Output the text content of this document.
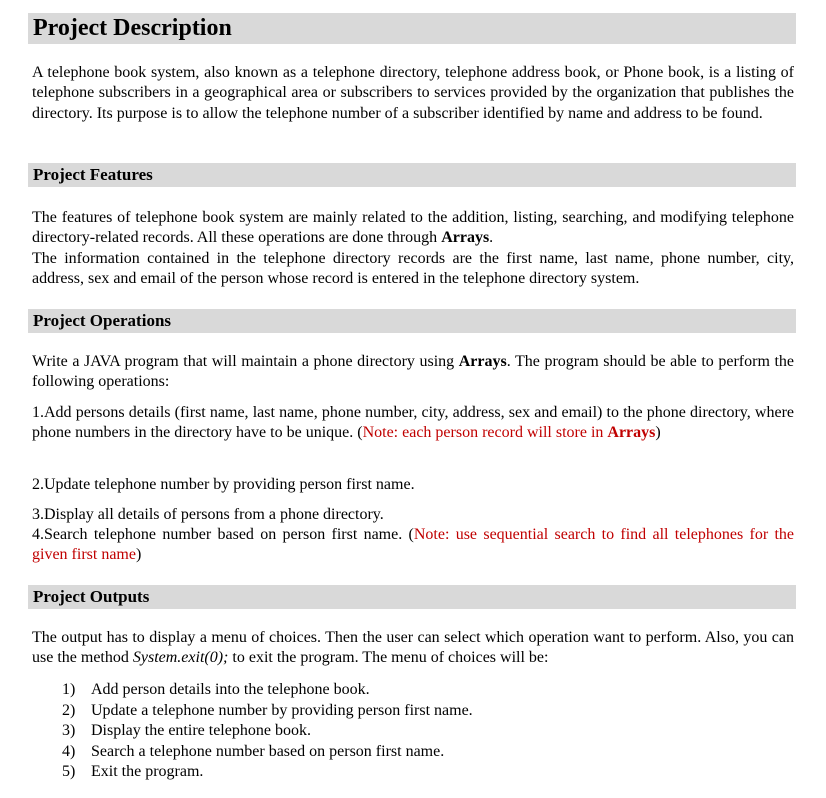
Project Description

A telephone book system, also known as a telephone directory, telephone address book, or Phone book, is a listing of telephone subscribers in a geographical area or subscribers to services provided by the organization that publishes the directory. Its purpose is to allow the telephone number of a subscriber identified by name and address to be found.

Project Features

The features of telephone book system are mainly related to the addition, listing, searching, and modifying telephone directory-related records. All these operations are done through Arrays.

The information contained in the telephone directory records are the first name, last name, phone number, city, address, sex and email of the person whose record is entered in the telephone directory system.

Project Operations

Write a JAVA program that will maintain a phone directory using Arrays. The program should be able to perform the following operations:

1.Add persons details (first name, last name, phone number, city, address, sex and email) to the phone directory, where phone numbers in the directory have to be unique. (Note: each person record will store in Arrays)

2.Update telephone number by providing person first name.

3.Display all details of persons from a phone directory.

4.Search telephone number based on person first name. (Note: use sequential search to find all telephones for the given first name)

Project Outputs

The output has to display a menu of choices. Then the user can select which operation want to perform. Also, you can use the method System.exit(0); to exit the program. The menu of choices will be:

1) Add person details into the telephone book.
2) Update a telephone number by providing person first name.
3) Display the entire telephone book.
4) Search a telephone number based on person first name.
5) Exit the program.
